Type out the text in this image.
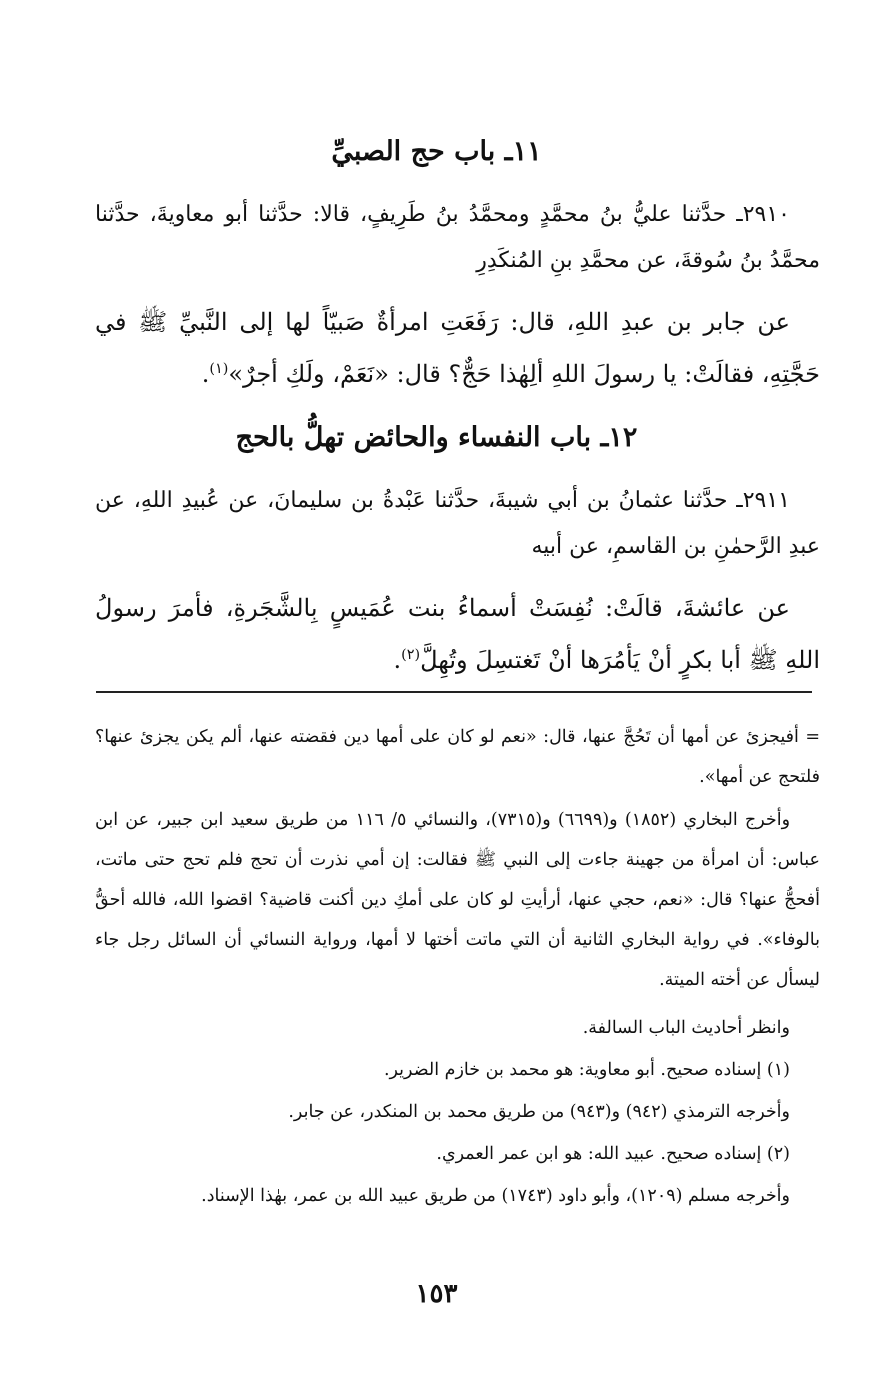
١١ـ باب حج الصبيِّ

٢٩١٠ـ حدَّثنا عليُّ بنُ محمَّدٍ ومحمَّدُ بنُ طَرِيفٍ، قالا: حدَّثنا أبو معاويةَ، حدَّثنا محمَّدُ بنُ سُوقةَ، عن محمَّدِ بنِ المُنكَدِرِ

عن جابر بن عبدِ اللهِ، قال: رَفَعَتِ امرأةٌ صَبيّاً لها إلى النَّبيِّ ﷺ في حَجَّتِهِ، فقالَتْ: يا رسولَ اللهِ ألِهٰذا حَجٌّ؟ قال: «نَعَمْ، ولَكِ أجرٌ»$^{(١)}$.

١٢ـ باب النفساء والحائض تهلُّ بالحج

٢٩١١ـ حدَّثنا عثمانُ بن أبي شيبةَ، حدَّثنا عَبْدةُ بن سليمانَ، عن عُبيدِ اللهِ، عن عبدِ الرَّحمٰنِ بن القاسمِ، عن أبيه

عن عائشةَ، قالَتْ: نُفِسَتْ أسماءُ بنت عُمَيسٍ بِالشَّجَرةِ، فأمرَ رسولُ اللهِ ﷺ أبا بكرٍ أنْ يَأمُرَها أنْ تَغتسِلَ وتُهِلَّ$^{(٢)}$.

= أفيجزئ عن أمها أن تَحُجَّ عنها، قال: «نعم لو كان على أمها دين فقضته عنها، ألم يكن يجزئ عنها؟ فلتحج عن أمها».

وأخرج البخاري (١٨٥٢) و(٦٦٩٩) و(٧٣١٥)، والنسائي ٥/ ١١٦ من طريق سعيد ابن جبير، عن ابن عباس: أن امرأة من جهينة جاءت إلى النبي ﷺ فقالت: إن أمي نذرت أن تحج فلم تحج حتى ماتت، أفحجُّ عنها؟ قال: «نعم، حجي عنها، أرأيتِ لو كان على أمكِ دين أكنت قاضية؟ اقضوا الله، فالله أحقُّ بالوفاء». في رواية البخاري الثانية أن التي ماتت أختها لا أمها، ورواية النسائي أن السائل رجل جاء ليسأل عن أخته الميتة.

وانظر أحاديث الباب السالفة.

(١) إسناده صحيح. أبو معاوية: هو محمد بن خازم الضرير.

وأخرجه الترمذي (٩٤٢) و(٩٤٣) من طريق محمد بن المنكدر، عن جابر.

(٢) إسناده صحيح. عبيد الله: هو ابن عمر العمري.

وأخرجه مسلم (١٢٠٩)، وأبو داود (١٧٤٣) من طريق عبيد الله بن عمر، بهٰذا الإسناد.

١٥٣
